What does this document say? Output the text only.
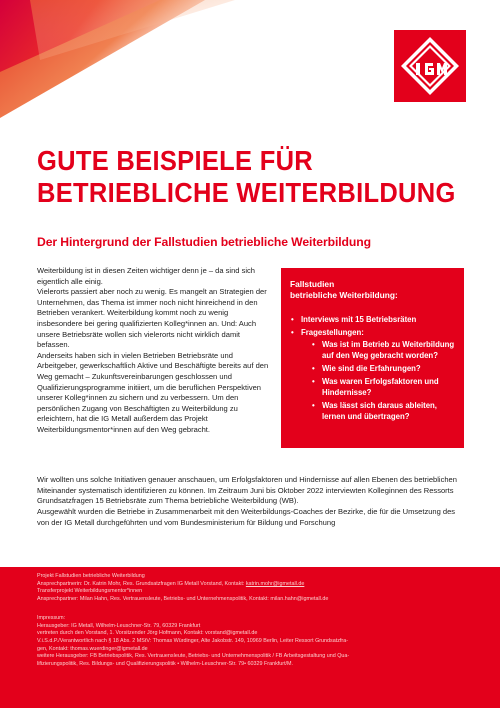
GUTE BEISPIELE FÜR
BETRIEBLICHE WEITERBILDUNG
Der Hintergrund der Fallstudien betriebliche Weiterbildung

Weiterbildung ist in diesen Zeiten wichtiger denn je – da sind sich eigentlich alle einig.

Vielerorts passiert aber noch zu wenig. Es mangelt an Strategien der Unternehmen, das Thema ist immer noch nicht hinreichend in den Betrieben verankert. Weiterbildung kommt noch zu wenig insbesondere bei gering qualifizierten Kolleg*innen an. Und: Auch unsere Betriebsräte wollen sich vielerorts nicht wirklich damit befassen.

Anderseits haben sich in vielen Betrieben Betriebsräte und Arbeitgeber, gewerkschaftlich Aktive und Beschäftigte bereits auf den Weg gemacht – Zukunftsvereinbarungen geschlossen und Qualifizierungsprogramme initiiert, um die beruflichen Perspektiven unserer Kolleg*innen zu sichern und zu verbessern. Um den persönlichen Zugang von Beschäftigten zu Weiterbildung zu erleichtern, hat die IG Metall außerdem das Projekt Weiterbildungsmentor*innen auf den Weg gebracht.

Fallstudien
betriebliche Weiterbildung:
• Interviews mit 15 Betriebsräten
• Fragestellungen:
• Was ist im Betrieb zu Weiterbildung auf den Weg gebracht worden?
• Wie sind die Erfahrungen?
• Was waren Erfolgsfaktoren und Hindernisse?
• Was lässt sich daraus ableiten, lernen und übertragen?

Wir wollten uns solche Initiativen genauer anschauen, um Erfolgsfaktoren und Hindernisse auf allen Ebenen des betrieblichen Miteinander systematisch identifizieren zu können. Im Zeitraum Juni bis Oktober 2022 interviewten Kolleginnen des Ressorts Grundsatzfragen 15 Betriebsräte zum Thema betriebliche Weiterbildung (WB).

Ausgewählt wurden die Betriebe in Zusammenarbeit mit den Weiterbildungs-Coaches der Bezirke, die für die Umsetzung des von der IG Metall durchgeführten und vom Bundesministerium für Bildung und Forschung

Projekt Fallstudien betriebliche Weiterbildung
Ansprechpartnerin: Dr. Katrin Mohr, Res. Grundsatzfragen IG Metall Vorstand, Kontakt: katrin.mohr@igmetall.de
Transferprojekt Weiterbildungsmentor*innen
Ansprechpartner: Milan Hahn, Res. Vertrauensleute, Betriebs- und Unternehmenspolitik, Kontakt: milan.hahn@igmetall.de
Impressum:
Herausgeber: IG Metall, Wilhelm-Leuschner-Str. 79, 60329 Frankfurt
vertreten durch den Vorstand, 1. Vorsitzender Jörg Hofmann, Kontakt: vorstand@igmetall.de
V.i.S.d.P./Verantwortlich nach § 18 Abs. 2 MStV: Thomas Würdinger, Alte Jakobstr. 149, 10969 Berlin, Leiter Ressort Grundsatzfra-
gen, Kontakt: thomas.wuerdinger@igmetall.de
weitere Herausgeber: FB Betriebspolitik, Res. Vertrauensleute, Betriebs- und Unternehmenspolitik / FB Arbeitsgestaltung und Qua-
lifizierungspolitik, Res. Bildungs- und Qualifizierungspolitik • Wilhelm-Leuschner-Str. 79• 60329 Frankfurt/M.
